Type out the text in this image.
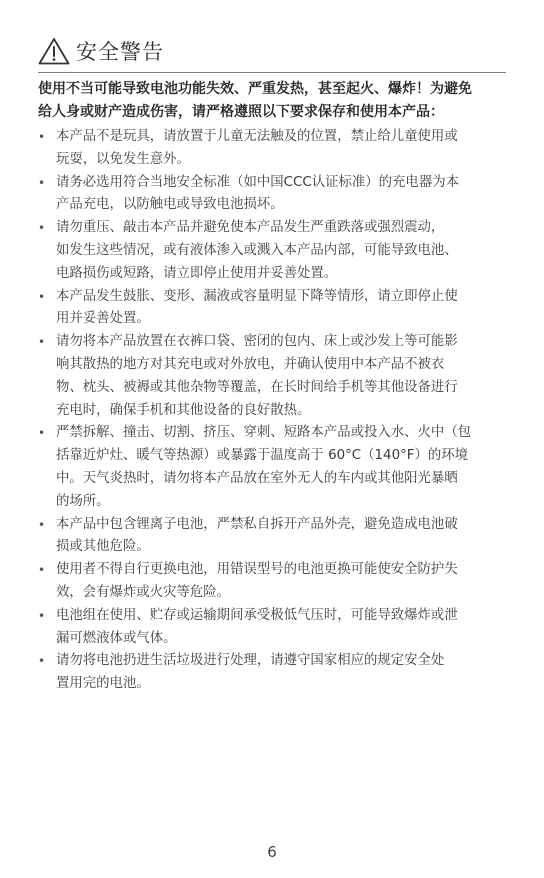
安全警告
使用不当可能导致电池功能失效、严重发热，甚至起火、爆炸！为避免
给人身或财产造成伤害，请严格遵照以下要求保存和使用本产品：
• 本产品不是玩具，请放置于儿童无法触及的位置，禁止给儿童使用或
玩耍，以免发生意外。
• 请务必选用符合当地安全标准（如中国CCC认证标准）的充电器为本
产品充电，以防触电或导致电池损坏。
• 请勿重压、敲击本产品并避免使本产品发生严重跌落或强烈震动，
如发生这些情况，或有液体渗入或溅入本产品内部，可能导致电池、
电路损伤或短路，请立即停止使用并妥善处置。
• 本产品发生鼓胀、变形、漏液或容量明显下降等情形，请立即停止使
用并妥善处置。
• 请勿将本产品放置在衣裤口袋、密闭的包内、床上或沙发上等可能影
响其散热的地方对其充电或对外放电，并确认使用中本产品不被衣
物、枕头、被褥或其他杂物等覆盖，在长时间给手机等其他设备进行
充电时，确保手机和其他设备的良好散热。
• 严禁拆解、撞击、切割、挤压、穿刺、短路本产品或投入水、火中（包
括靠近炉灶、暖气等热源）或暴露于温度高于 60°C（140°F）的环境
中。天气炎热时，请勿将本产品放在室外无人的车内或其他阳光暴晒
的场所。
• 本产品中包含锂离子电池，严禁私自拆开产品外壳，避免造成电池破
损或其他危险。
• 使用者不得自行更换电池，用错误型号的电池更换可能使安全防护失
效，会有爆炸或火灾等危险。
• 电池组在使用、贮存或运输期间承受极低气压时，可能导致爆炸或泄
漏可燃液体或气体。
• 请勿将电池扔进生活垃圾进行处理，请遵守国家相应的规定安全处
置用完的电池。
6
